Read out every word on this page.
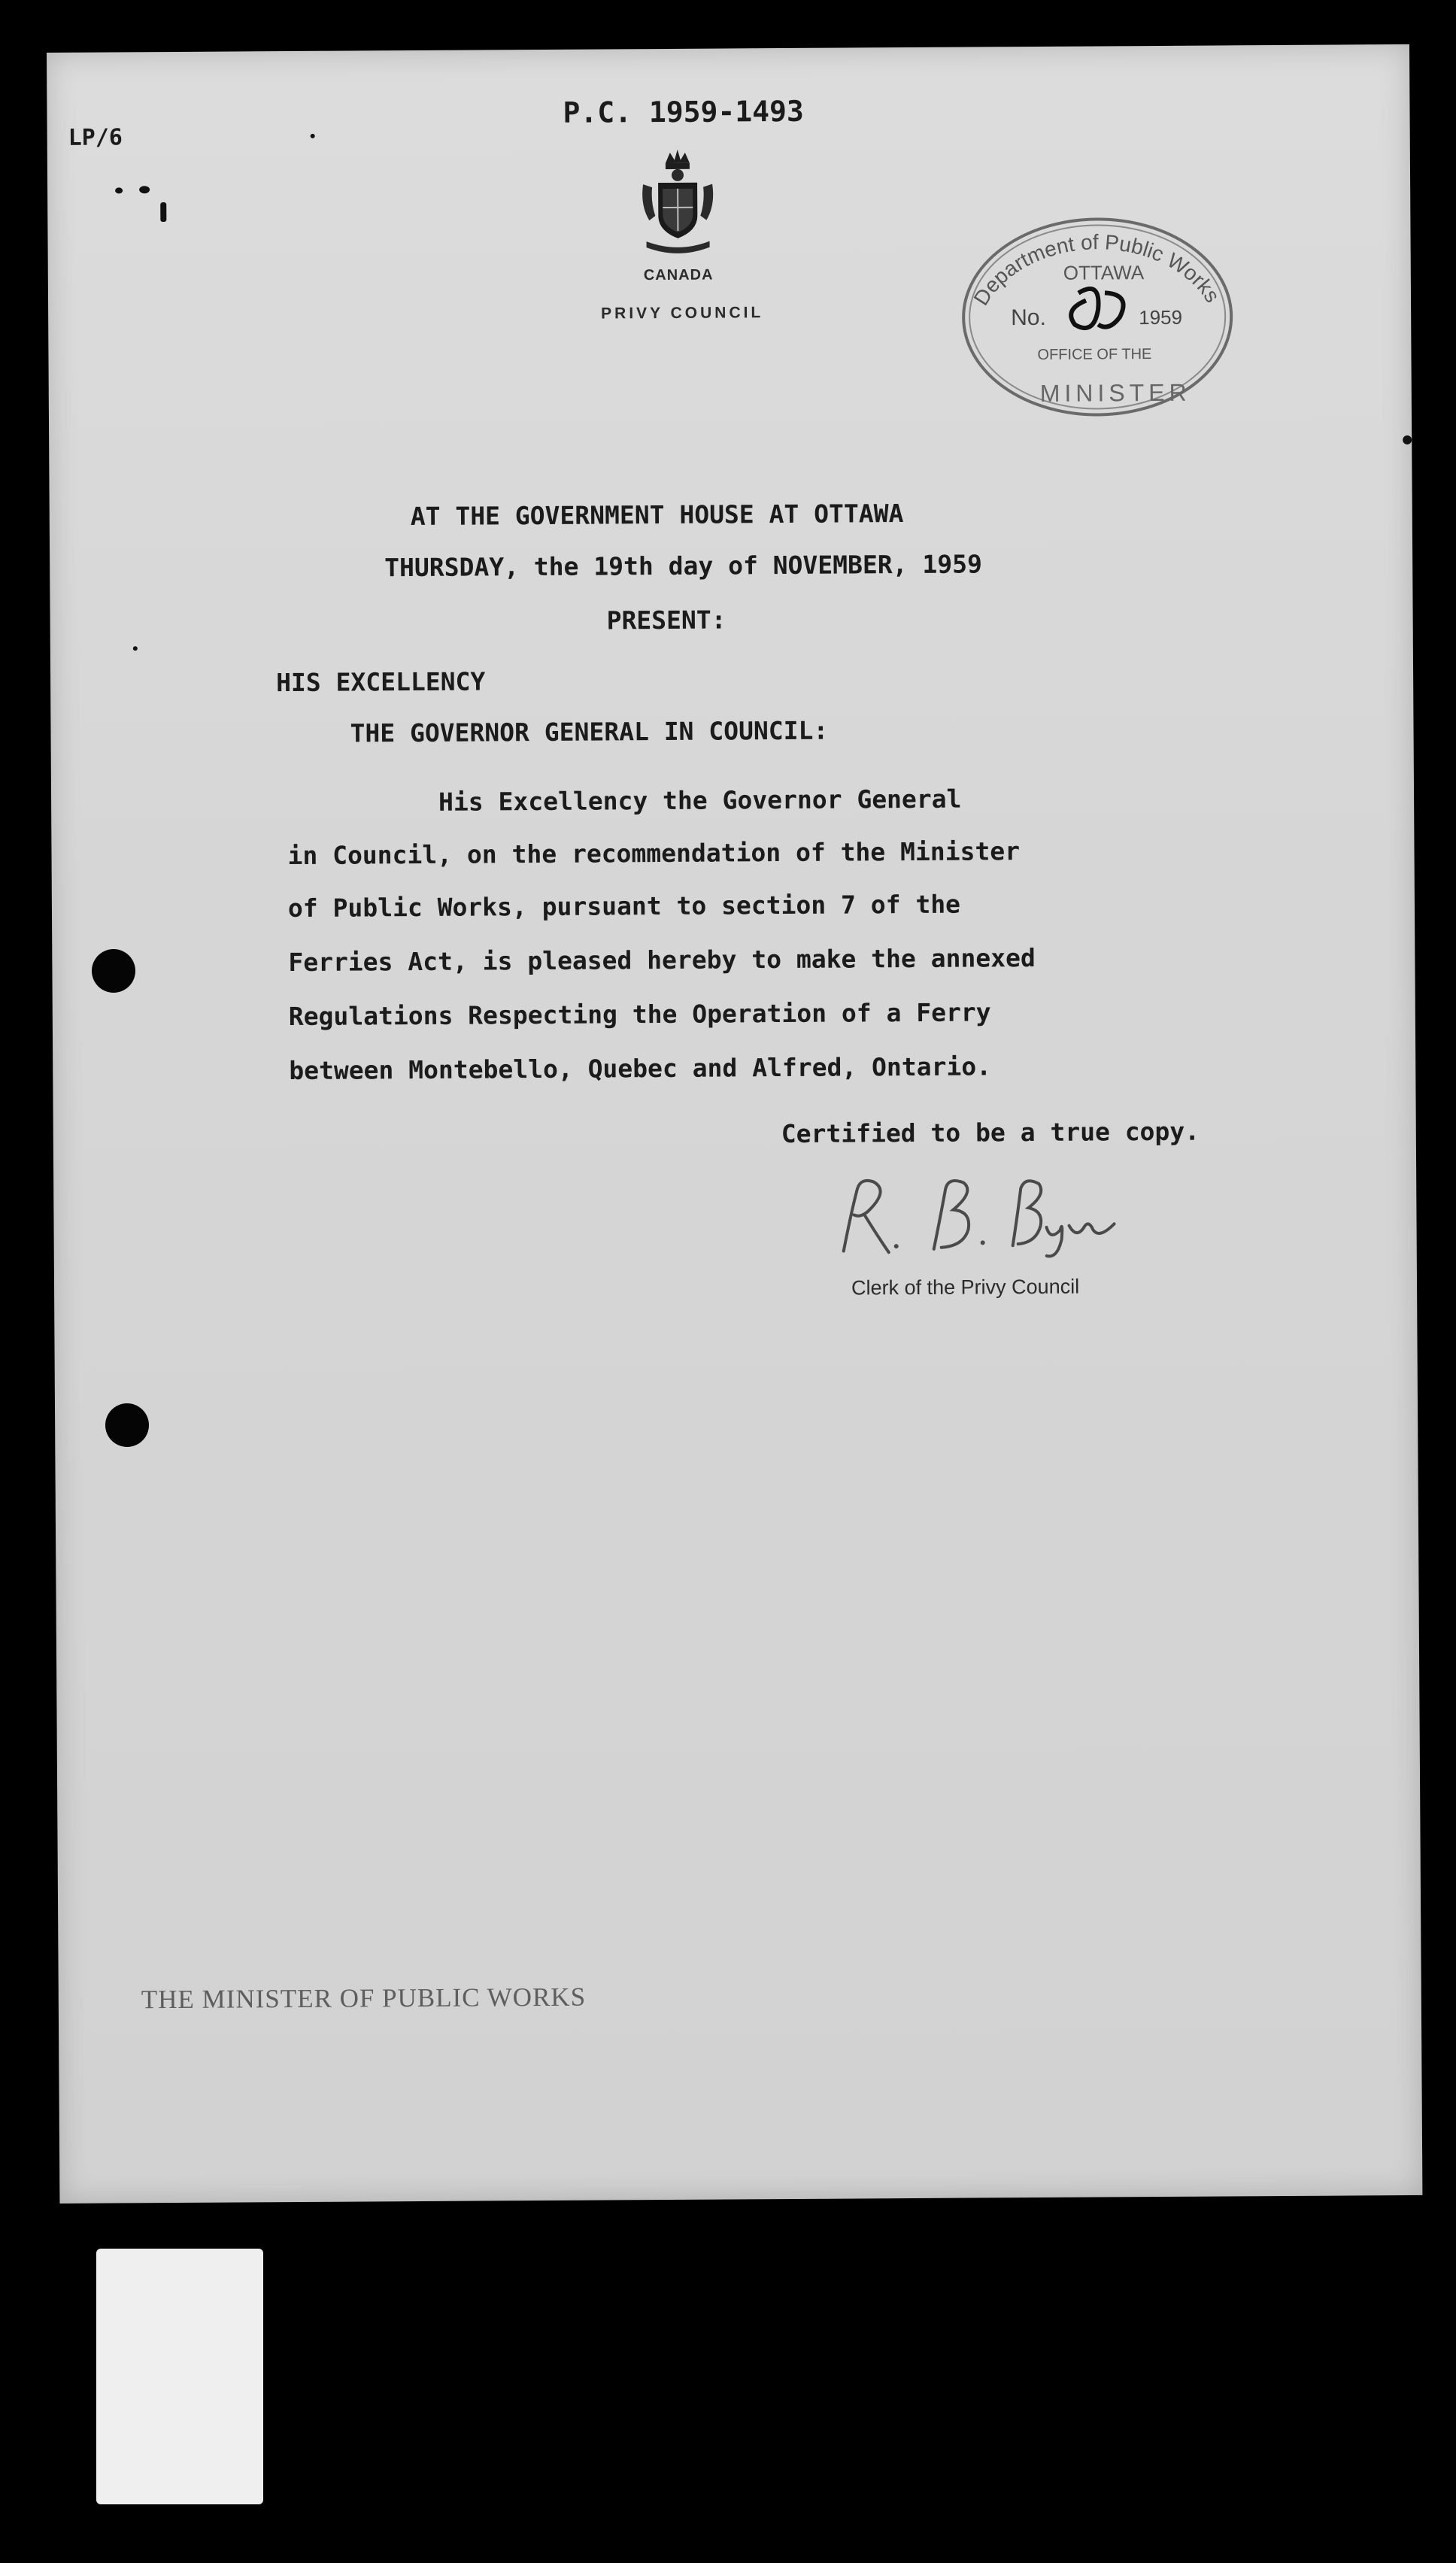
LP/6
P.C. 1959-1493
CANADA
PRIVY COUNCIL
Department of Public Works
OTTAWA
No.	1959
OFFICE OF THE
MINISTER
AT THE GOVERNMENT HOUSE AT OTTAWA
THURSDAY, the 19th day of NOVEMBER, 1959
PRESENT:
HIS EXCELLENCY
THE GOVERNOR GENERAL IN COUNCIL:
His Excellency the Governor General
in Council, on the recommendation of the Minister
of Public Works, pursuant to section 7 of the
Ferries Act, is pleased hereby to make the annexed
Regulations Respecting the Operation of a Ferry
between Montebello, Quebec and Alfred, Ontario.
Certified to be a true copy.
Clerk of the Privy Council
THE MINISTER OF PUBLIC WORKS
